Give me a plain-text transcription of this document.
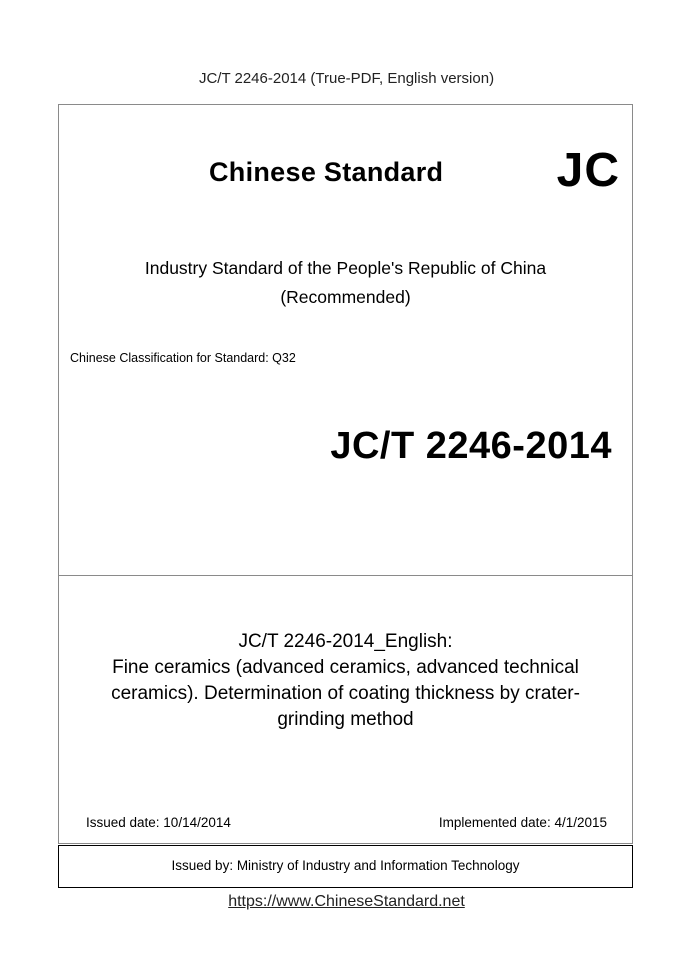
JC/T 2246-2014 (True-PDF, English version)
Chinese Standard JC
Industry Standard of the People's Republic of China
(Recommended)
Chinese Classification for Standard: Q32
JC/T 2246-2014
JC/T 2246-2014_English:
Fine ceramics (advanced ceramics, advanced technical
ceramics). Determination of coating thickness by crater-
grinding method
Issued date: 10/14/2014	Implemented date: 4/1/2015
Issued by: Ministry of Industry and Information Technology
https://www.ChineseStandard.net
